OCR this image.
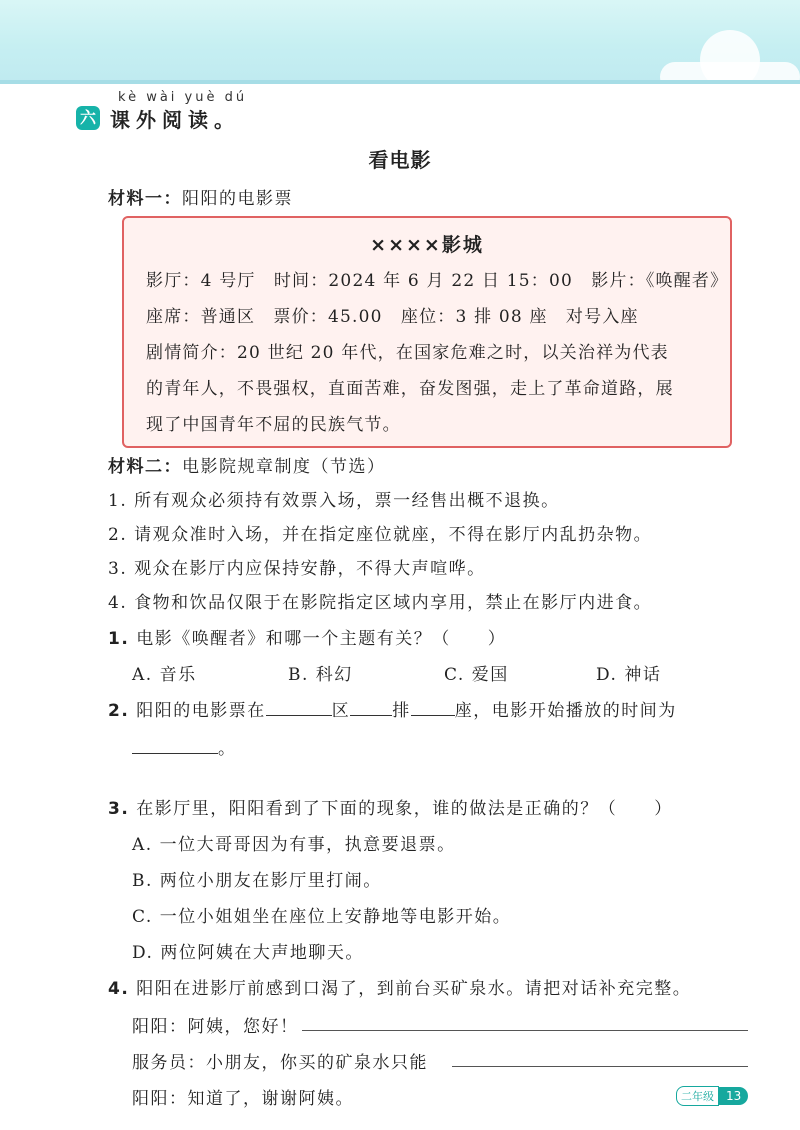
kè wài yuè dú
六 课外阅读。
看电影
材料一：阳阳的电影票
××××影城
影厅：4 号厅　时间：2024 年 6 月 22 日 15：00　影片：《唤醒者》
座席：普通区　票价：45.00　座位：3 排 08 座　对号入座
剧情简介：20 世纪 20 年代，在国家危难之时，以关治祥为代表
的青年人，不畏强权，直面苦难，奋发图强，走上了革命道路，展
现了中国青年不屈的民族气节。
材料二：电影院规章制度（节选）
1. 所有观众必须持有效票入场，票一经售出概不退换。
2. 请观众准时入场，并在指定座位就座，不得在影厅内乱扔杂物。
3. 观众在影厅内应保持安静，不得大声喧哗。
4. 食物和饮品仅限于在影院指定区域内享用，禁止在影厅内进食。
1. 电影《唤醒者》和哪一个主题有关？（　　）
A. 音乐	B. 科幻	C. 爱国	D. 神话
2. 阳阳的电影票在	区 排	座，电影开始播放的时间为
。
3. 在影厅里，阳阳看到了下面的现象，谁的做法是正确的？（　　）
A. 一位大哥哥因为有事，执意要退票。
B. 两位小朋友在影厅里打闹。
C. 一位小姐姐坐在座位上安静地等电影开始。
D. 两位阿姨在大声地聊天。
4. 阳阳在进影厅前感到口渴了，到前台买矿泉水。请把对话补充完整。
阳阳：阿姨，您好！
服务员：小朋友，你买的矿泉水只能
阳阳：知道了，谢谢阿姨。	二年级	13
